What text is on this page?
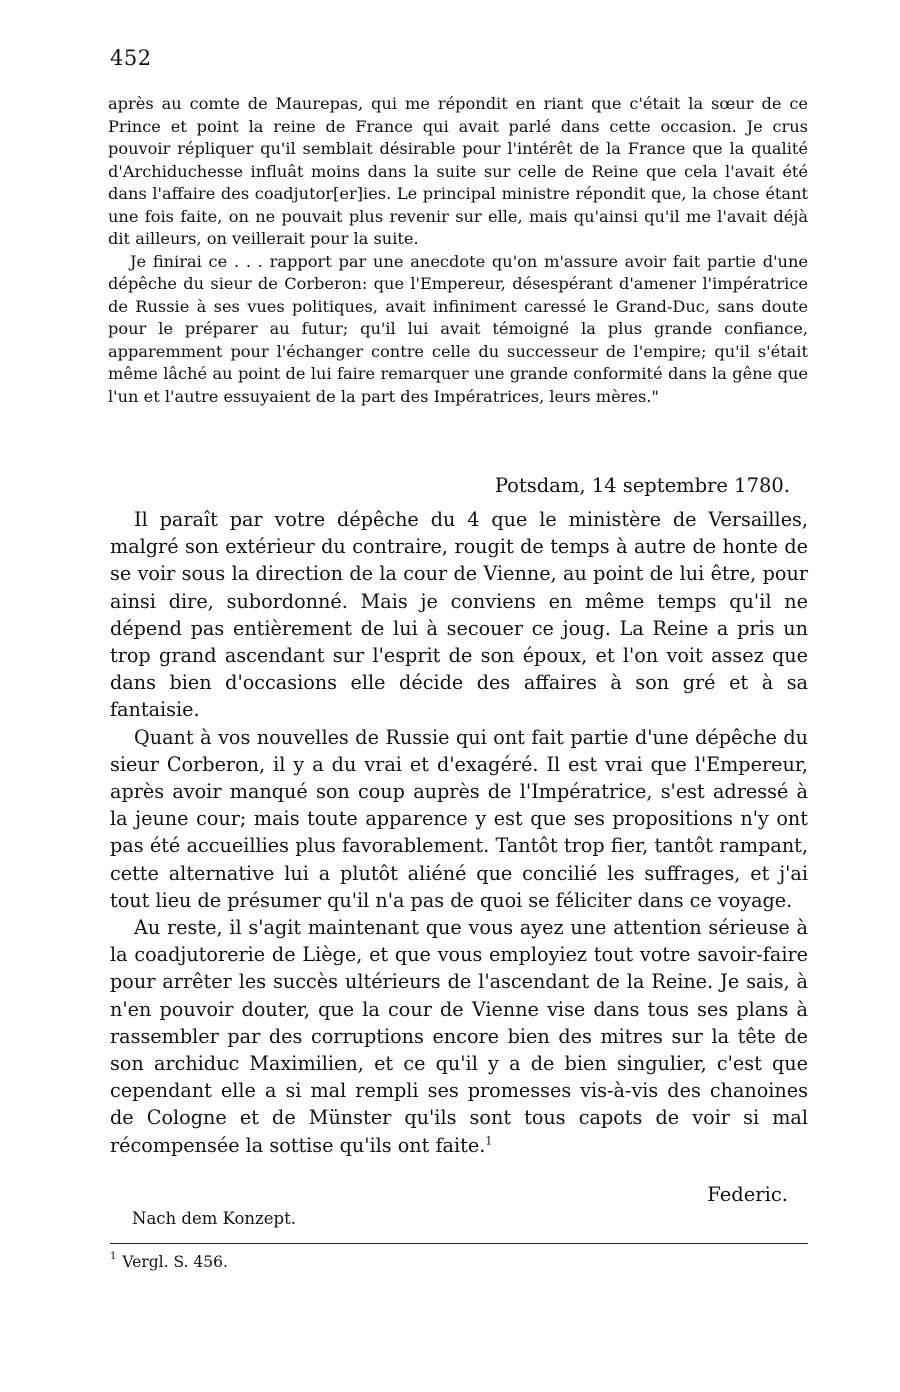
452

après au comte de Maurepas, qui me répondit en riant que c'était la sœur de ce Prince et point la reine de France qui avait parlé dans cette occasion. Je crus pouvoir répliquer qu'il semblait désirable pour l'intérêt de la France que la qualité d'Archiduchesse influât moins dans la suite sur celle de Reine que cela l'avait été dans l'affaire des coadjutor[er]ies. Le principal ministre répondit que, la chose étant une fois faite, on ne pouvait plus revenir sur elle, mais qu'ainsi qu'il me l'avait déjà dit ailleurs, on veillerait pour la suite.

Je finirai ce . . . rapport par une anecdote qu'on m'assure avoir fait partie d'une dépêche du sieur de Corberon: que l'Empereur, désespérant d'amener l'impératrice de Russie à ses vues politiques, avait infiniment caressé le Grand-Duc, sans doute pour le préparer au futur; qu'il lui avait témoigné la plus grande confiance, apparemment pour l'échanger contre celle du successeur de l'empire; qu'il s'était même lâché au point de lui faire remarquer une grande conformité dans la gêne que l'un et l'autre essuyaient de la part des Impératrices, leurs mères."

Potsdam, 14 septembre 1780.

Il paraît par votre dépêche du 4 que le ministère de Versailles, malgré son extérieur du contraire, rougit de temps à autre de honte de se voir sous la direction de la cour de Vienne, au point de lui être, pour ainsi dire, subordonné. Mais je conviens en même temps qu'il ne dépend pas entièrement de lui à secouer ce joug. La Reine a pris un trop grand ascendant sur l'esprit de son époux, et l'on voit assez que dans bien d'occasions elle décide des affaires à son gré et à sa fantaisie.

Quant à vos nouvelles de Russie qui ont fait partie d'une dépêche du sieur Corberon, il y a du vrai et d'exagéré. Il est vrai que l'Empereur, après avoir manqué son coup auprès de l'Impératrice, s'est adressé à la jeune cour; mais toute apparence y est que ses propositions n'y ont pas été accueillies plus favorablement. Tantôt trop fier, tantôt rampant, cette alternative lui a plutôt aliéné que concilié les suffrages, et j'ai tout lieu de présumer qu'il n'a pas de quoi se féliciter dans ce voyage.

Au reste, il s'agit maintenant que vous ayez une attention sérieuse à la coadjutorerie de Liège, et que vous employiez tout votre savoir-faire pour arrêter les succès ultérieurs de l'ascendant de la Reine. Je sais, à n'en pouvoir douter, que la cour de Vienne vise dans tous ses plans à rassembler par des corruptions encore bien des mitres sur la tête de son archiduc Maximilien, et ce qu'il y a de bien singulier, c'est que cependant elle a si mal rempli ses promesses vis-à-vis des chanoines de Cologne et de Münster qu'ils sont tous capots de voir si mal récompensée la sottise qu'ils ont faite.$^1$

Federic.
Nach dem Konzept.
$^1$ Vergl. S. 456.
